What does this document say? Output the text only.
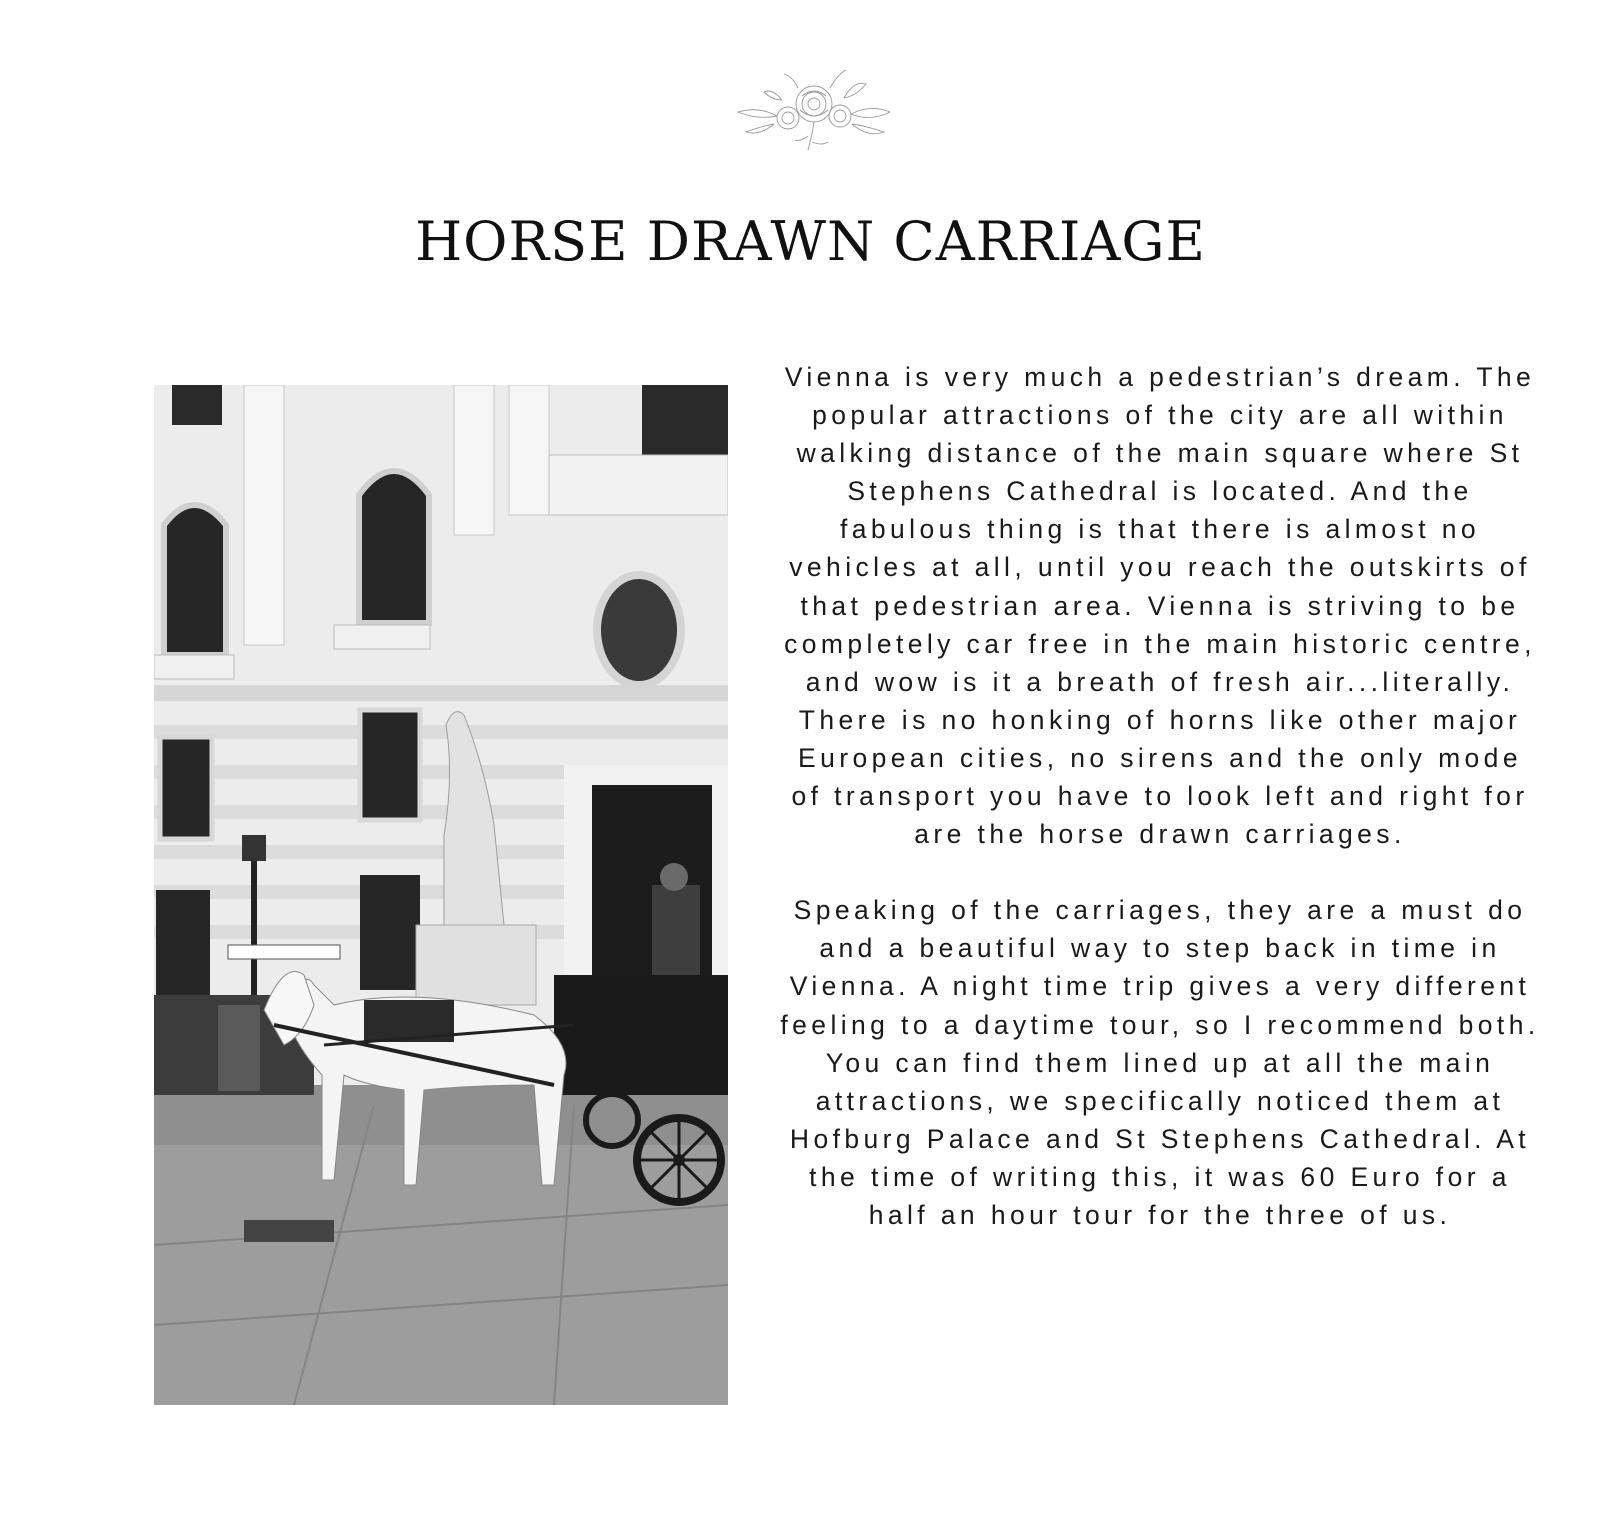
HORSE DRAWN CARRIAGE

Vienna is very much a pedestrian’s dream. The popular attractions of the city are all within walking distance of the main square where St Stephens Cathedral is located. And the fabulous thing is that there is almost no vehicles at all, until you reach the outskirts of that pedestrian area. Vienna is striving to be completely car free in the main historic centre, and wow is it a breath of fresh air...literally. There is no honking of horns like other major European cities, no sirens and the only mode of transport you have to look left and right for are the horse drawn carriages.

Speaking of the carriages, they are a must do and a beautiful way to step back in time in Vienna. A night time trip gives a very different feeling to a daytime tour, so I recommend both. You can find them lined up at all the main attractions, we specifically noticed them at Hofburg Palace and St Stephens Cathedral. At the time of writing this, it was 60 Euro for a half an hour tour for the three of us.
